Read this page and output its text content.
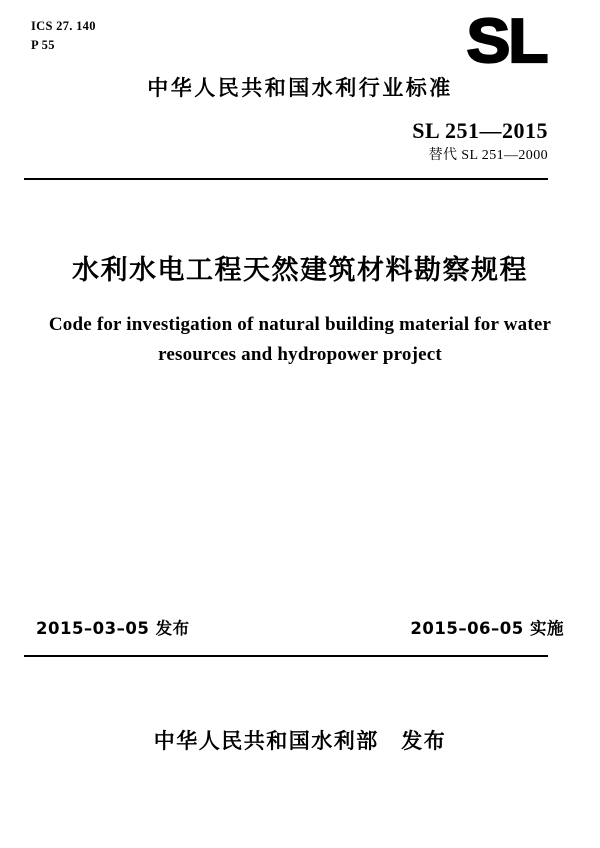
ICS 27. 140
P 55	SL
中华人民共和国水利行业标准
SL 251—2015
替代 SL 251—2000
水利水电工程天然建筑材料勘察规程
Code for investigation of natural building material for water
resources and hydropower project
2015–03–05 发布	2015–06–05 实施
中华人民共和国水利部　发布
